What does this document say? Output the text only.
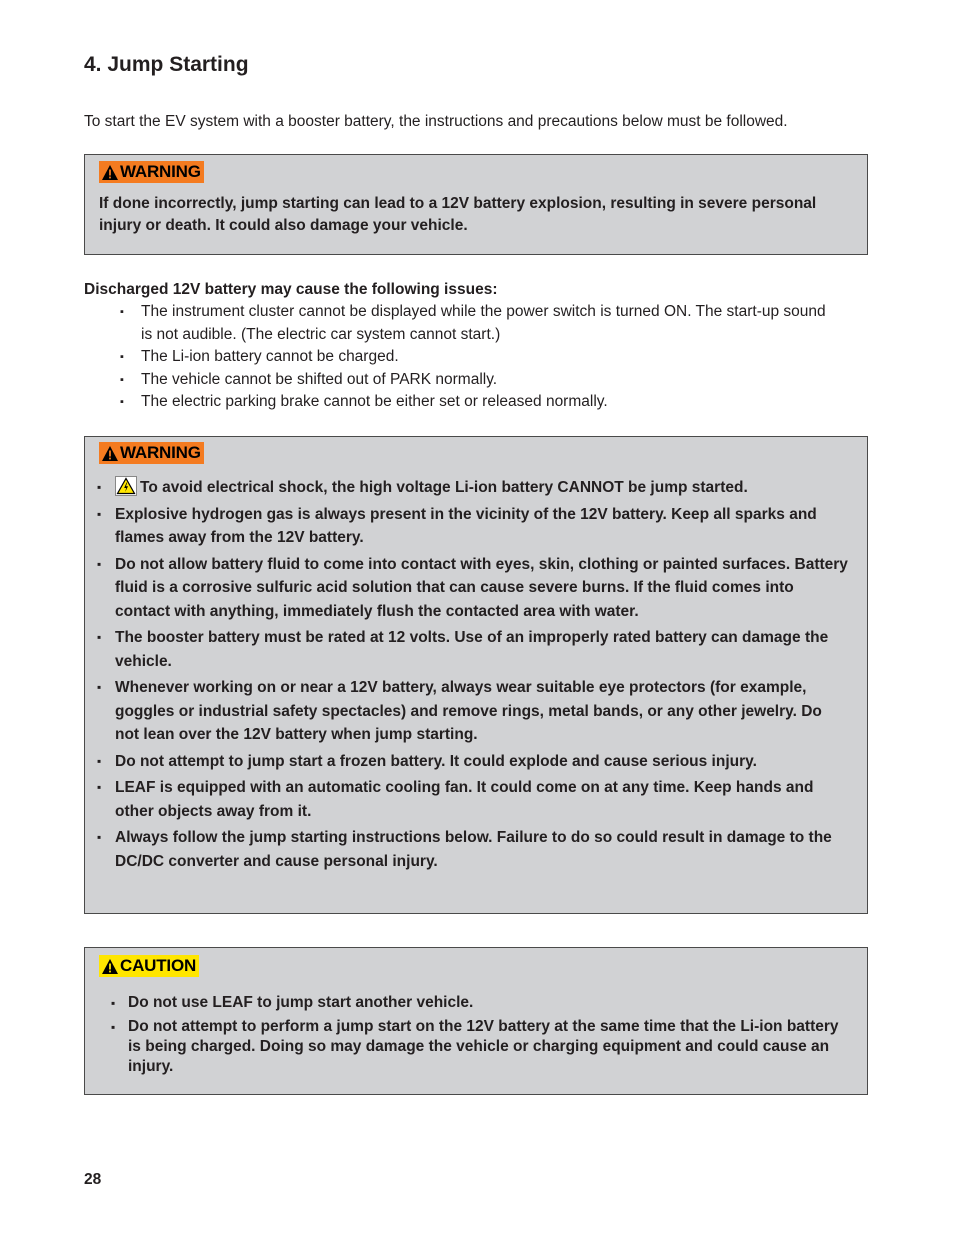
4. Jump Starting

To start the EV system with a booster battery, the instructions and precautions below must be followed.

WARNING

If done incorrectly, jump starting can lead to a 12V battery explosion, resulting in severe personal injury or death. It could also damage your vehicle.

Discharged 12V battery may cause the following issues:

▪ The instrument cluster cannot be displayed while the power switch is turned ON. The start-up sound is not audible. (The electric car system cannot start.)
▪ The Li-ion battery cannot be charged.
▪ The vehicle cannot be shifted out of PARK normally.
▪ The electric parking brake cannot be either set or released normally.
WARNING
▪ To avoid electrical shock, the high voltage Li-ion battery CANNOT be jump started.
▪ Explosive hydrogen gas is always present in the vicinity of the 12V battery. Keep all sparks and flames away from the 12V battery.
▪ Do not allow battery fluid to come into contact with eyes, skin, clothing or painted surfaces. Battery fluid is a corrosive sulfuric acid solution that can cause severe burns. If the fluid comes into contact with anything, immediately flush the contacted area with water.
▪ The booster battery must be rated at 12 volts. Use of an improperly rated battery can damage the vehicle.
▪ Whenever working on or near a 12V battery, always wear suitable eye protectors (for example, goggles or industrial safety spectacles) and remove rings, metal bands, or any other jewelry. Do not lean over the 12V battery when jump starting.
▪ Do not attempt to jump start a frozen battery. It could explode and cause serious injury.
▪ LEAF is equipped with an automatic cooling fan. It could come on at any time. Keep hands and other objects away from it.
▪ Always follow the jump starting instructions below. Failure to do so could result in damage to the DC/DC converter and cause personal injury.
CAUTION
▪ Do not use LEAF to jump start another vehicle.
▪ Do not attempt to perform a jump start on the 12V battery at the same time that the Li-ion battery is being charged. Doing so may damage the vehicle or charging equipment and could cause an injury.

28
